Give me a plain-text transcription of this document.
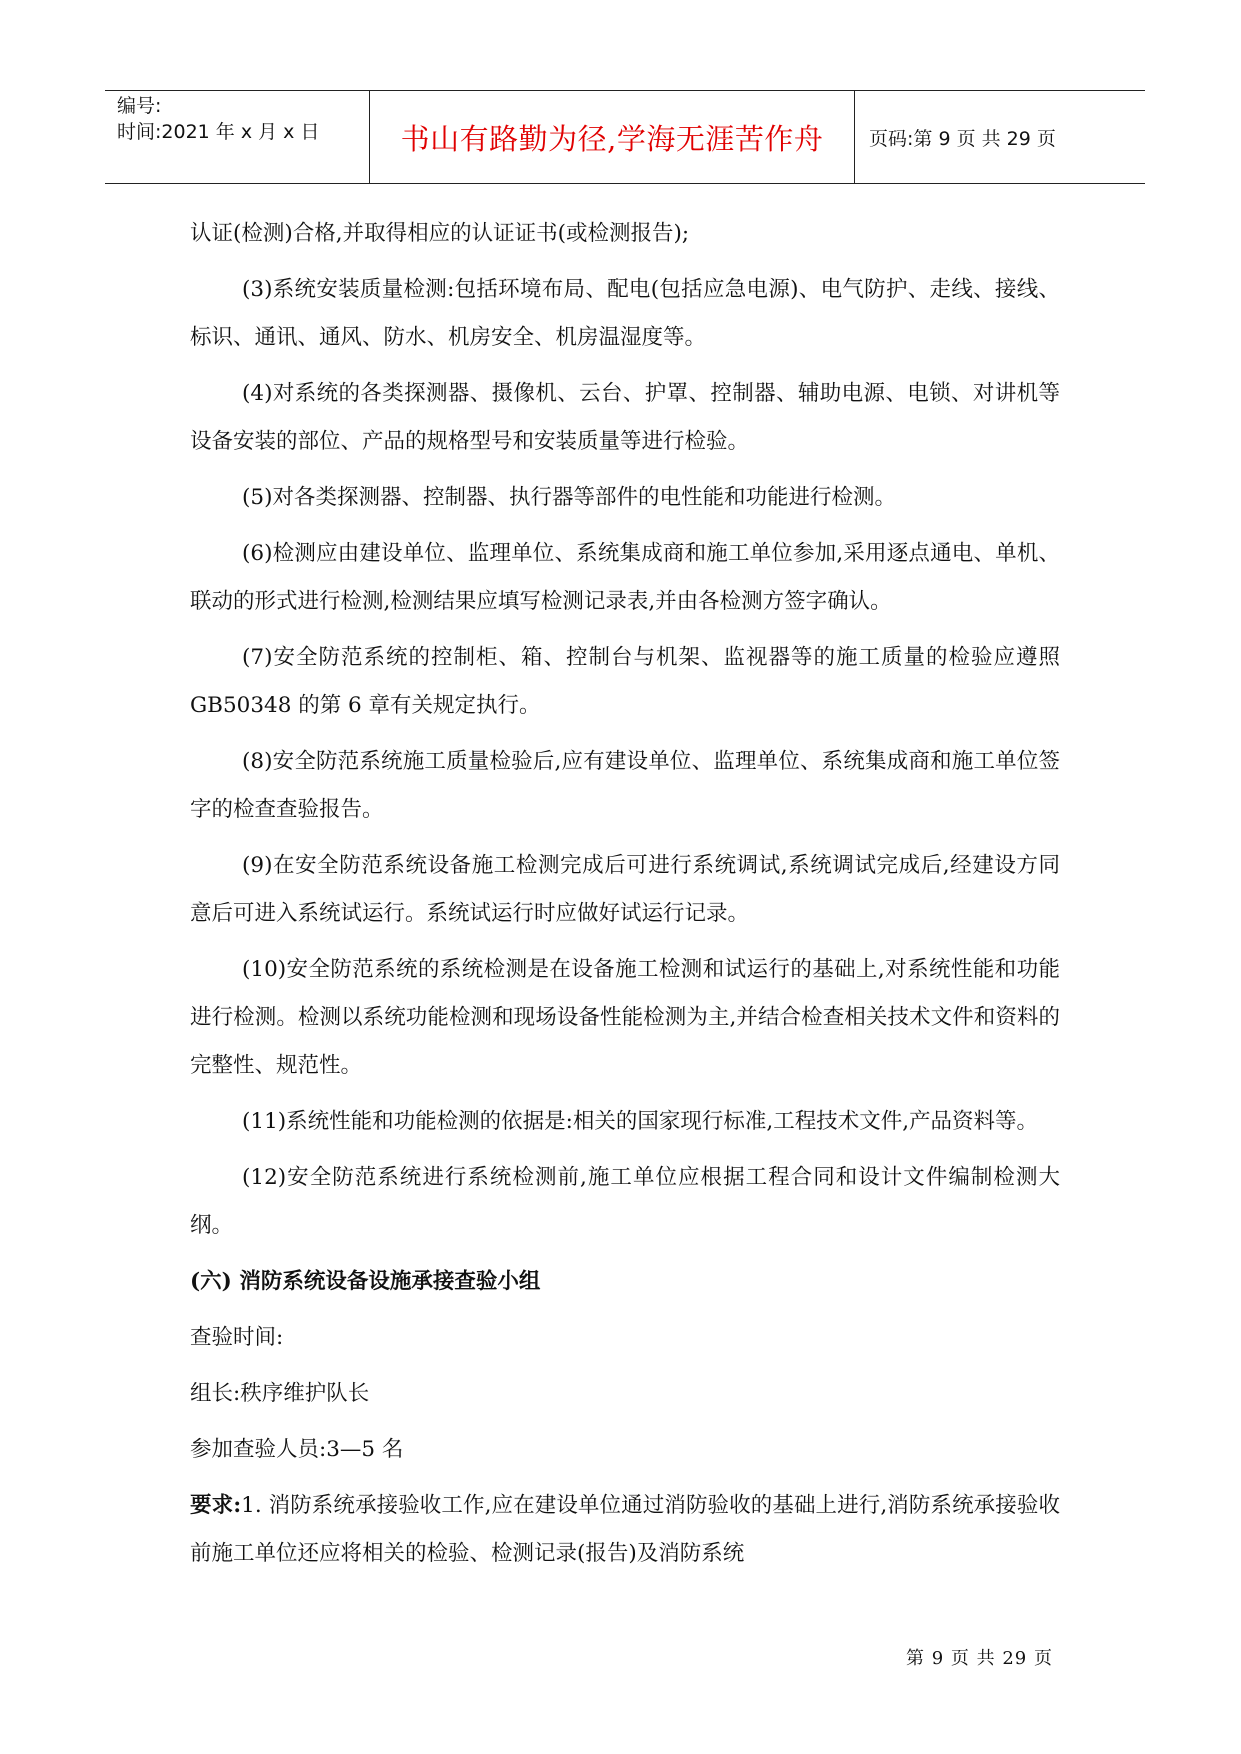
编号:
时间:2021 年 x 月 x 日	书山有路勤为径,学海无涯苦作舟 页码:第 9 页 共 29 页

认证(检测)合格,并取得相应的认证证书(或检测报告);

(3)系统安装质量检测:包括环境布局、配电(包括应急电源)、电气防护、走线、接线、标识、通讯、通风、防水、机房安全、机房温湿度等。

(4)对系统的各类探测器、摄像机、云台、护罩、控制器、辅助电源、电锁、对讲机等设备安装的部位、产品的规格型号和安装质量等进行检验。

(5)对各类探测器、控制器、执行器等部件的电性能和功能进行检测。

(6)检测应由建设单位、监理单位、系统集成商和施工单位参加,采用逐点通电、单机、联动的形式进行检测,检测结果应填写检测记录表,并由各检测方签字确认。

(7)安全防范系统的控制柜、箱、控制台与机架、监视器等的施工质量的检验应遵照 GB50348 的第 6 章有关规定执行。

(8)安全防范系统施工质量检验后,应有建设单位、监理单位、系统集成商和施工单位签字的检查查验报告。

(9)在安全防范系统设备施工检测完成后可进行系统调试,系统调试完成后,经建设方同意后可进入系统试运行。系统试运行时应做好试运行记录。

(10)安全防范系统的系统检测是在设备施工检测和试运行的基础上,对系统性能和功能进行检测。检测以系统功能检测和现场设备性能检测为主,并结合检查相关技术文件和资料的完整性、规范性。

(11)系统性能和功能检测的依据是:相关的国家现行标准,工程技术文件,产品资料等。

(12)安全防范系统进行系统检测前,施工单位应根据工程合同和设计文件编制检测大纲。

(六) 消防系统设备设施承接查验小组

查验时间:

组长:秩序维护队长

参加查验人员:3—5 名

要求:1. 消防系统承接验收工作,应在建设单位通过消防验收的基础上进行,消防系统承接验收前施工单位还应将相关的检验、检测记录(报告)及消防系统

第 9 页 共 29 页
